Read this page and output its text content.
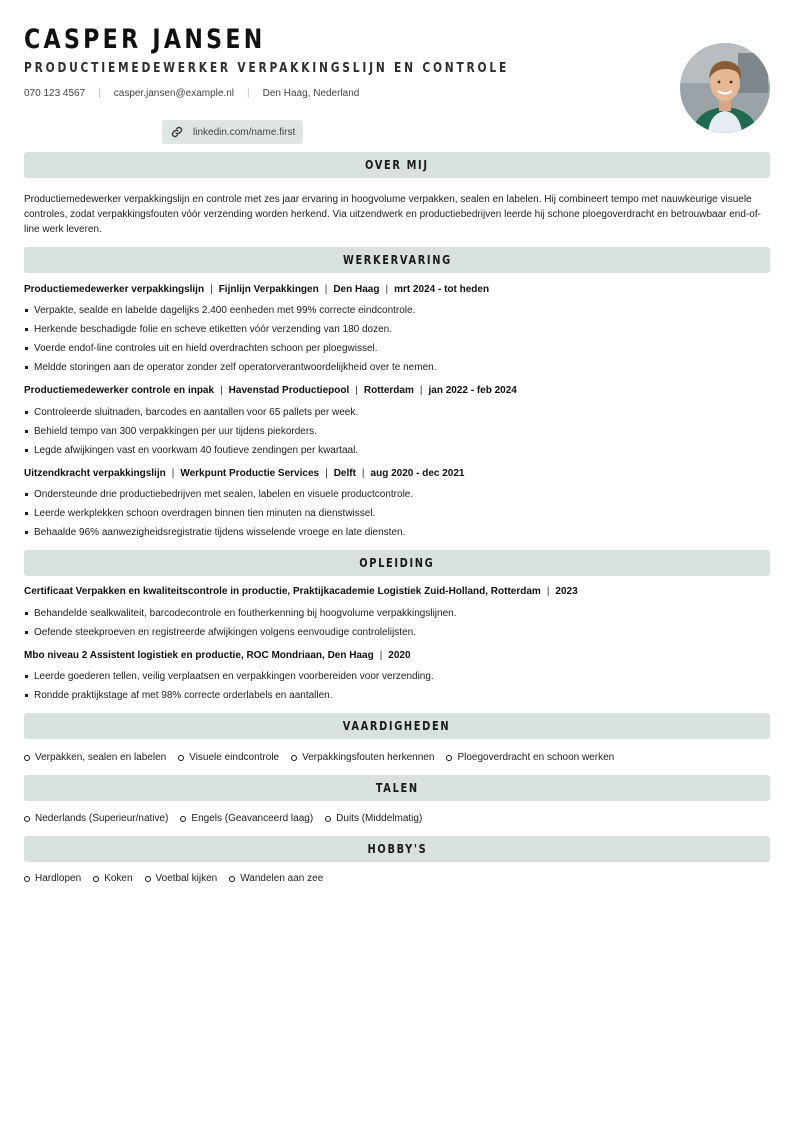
CASPER JANSEN
PRODUCTIEMEDEWERKER VERPAKKINGSLIJN EN CONTROLE
070 123 4567 | casper.jansen@example.nl | Den Haag, Nederland
linkedin.com/name.first
OVER MIJ

Productiemedewerker verpakkingslijn en controle met zes jaar ervaring in hoogvolume verpakken, sealen en labelen. Hij combineert tempo met nauwkeurige visuele controles, zodat verpakkingsfouten vóór verzending worden herkend. Via uitzendwerk en productiebedrijven leerde hij schone ploegoverdracht en betrouwbaar end-of-line werk leveren.

WERKERVARING
Productiemedewerker verpakkingslijn | Fijnlijn Verpakkingen | Den Haag | mrt 2024 - tot heden
Verpakte, sealde en labelde dagelijks 2.400 eenheden met 99% correcte eindcontrole.
Herkende beschadigde folie en scheve etiketten vóór verzending van 180 dozen.
Voerde endof-line controles uit en hield overdrachten schoon per ploegwissel.
Meldde storingen aan de operator zonder zelf operatorverantwoordelijkheid over te nemen.
Productiemedewerker controle en inpak | Havenstad Productiepool | Rotterdam | jan 2022 - feb 2024
Controleerde sluitnaden, barcodes en aantallen voor 65 pallets per week.
Behield tempo van 300 verpakkingen per uur tijdens piekorders.
Legde afwijkingen vast en voorkwam 40 foutieve zendingen per kwartaal.
Uitzendkracht verpakkingslijn | Werkpunt Productie Services | Delft | aug 2020 - dec 2021
Ondersteunde drie productiebedrijven met sealen, labelen en visuele productcontrole.
Leerde werkplekken schoon overdragen binnen tien minuten na dienstwissel.
Behaalde 96% aanwezigheidsregistratie tijdens wisselende vroege en late diensten.
OPLEIDING
Certificaat Verpakken en kwaliteitscontrole in productie, Praktijkacademie Logistiek Zuid-Holland, Rotterdam | 2023
Behandelde sealkwaliteit, barcodecontrole en foutherkenning bij hoogvolume verpakkingslijnen.
Oefende steekproeven en registreerde afwijkingen volgens eenvoudige controlelijsten.
Mbo niveau 2 Assistent logistiek en productie, ROC Mondriaan, Den Haag | 2020
Leerde goederen tellen, veilig verplaatsen en verpakkingen voorbereiden voor verzending.
Rondde praktijkstage af met 98% correcte orderlabels en aantallen.
VAARDIGHEDEN
Verpakken, sealen en labelen Visuele eindcontrole Verpakkingsfouten herkennen Ploegoverdracht en schoon werken
TALEN
Nederlands (Superieur/native) Engels (Geavanceerd laag) Duits (Middelmatig)
HOBBY'S
Hardlopen Koken Voetbal kijken Wandelen aan zee
